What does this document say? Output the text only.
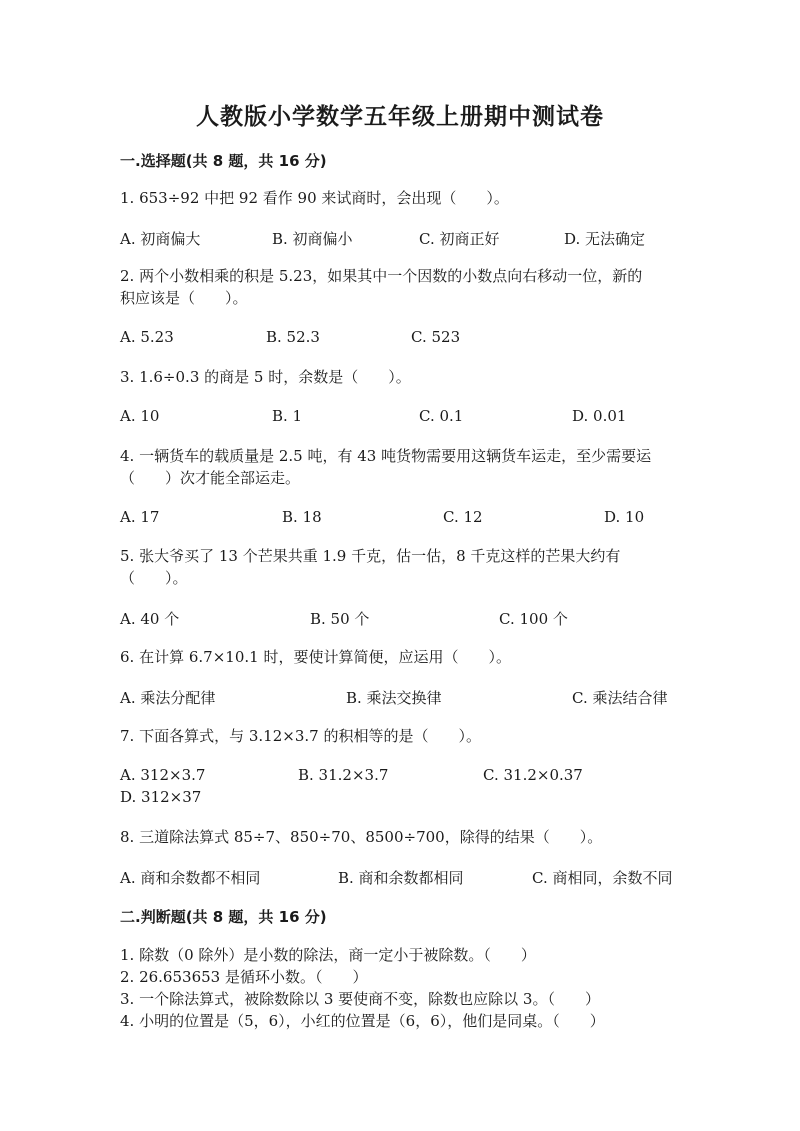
人教版小学数学五年级上册期中测试卷
一.选择题(共 8 题，共 16 分)
1. 653÷92 中把 92 看作 90 来试商时，会出现（　　）。
A. 初商偏大	B. 初商偏小	C. 初商正好	D. 无法确定
2. 两个小数相乘的积是 5.23，如果其中一个因数的小数点向右移动一位，新的
积应该是（　　）。
A. 5.23	B. 52.3	C. 523
3. 1.6÷0.3 的商是 5 时，余数是（　　）。
A. 10	B. 1	C. 0.1	D. 0.01
4. 一辆货车的载质量是 2.5 吨，有 43 吨货物需要用这辆货车运走，至少需要运
（　　）次才能全部运走。
A. 17	B. 18	C. 12	D. 10
5. 张大爷买了 13 个芒果共重 1.9 千克，估一估，8 千克这样的芒果大约有
（　　）。
A. 40 个	B. 50 个	C. 100 个
6. 在计算 6.7×10.1 时，要使计算简便，应运用（　　）。
A. 乘法分配律	B. 乘法交换律	C. 乘法结合律
7. 下面各算式，与 3.12×3.7 的积相等的是（　　）。
A. 312×3.7	B. 31.2×3.7	C. 31.2×0.37
D. 312×37
8. 三道除法算式 85÷7、850÷70、8500÷700，除得的结果（　　）。
A. 商和余数都不相同	B. 商和余数都相同	C. 商相同，余数不同
二.判断题(共 8 题，共 16 分)
1. 除数（0 除外）是小数的除法，商一定小于被除数。（　　）
2. 26.653653 是循环小数。（　　）
3. 一个除法算式，被除数除以 3 要使商不变，除数也应除以 3。（　　）
4. 小明的位置是（5，6），小红的位置是（6，6），他们是同桌。（　　）
